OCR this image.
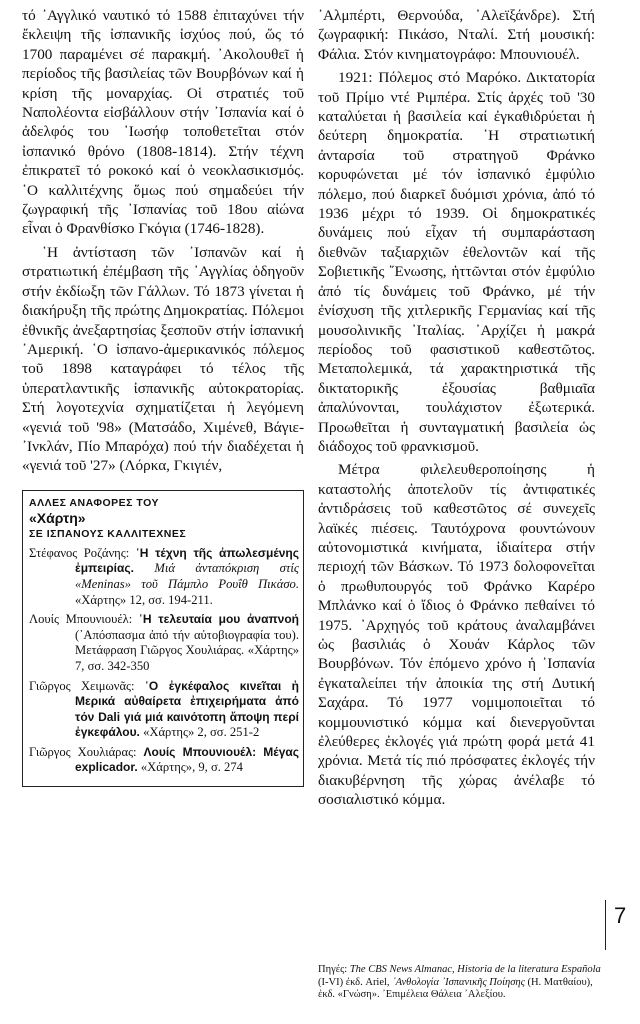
τό ᾽Αγγλικό ναυτικό τό 1588 ἐπιταχύνει τήν ἔκλειψη τῆς ἰσπανικῆς ἰσχύος πού, ὥς τό 1700 παραμένει σέ παρακμή. ᾽Ακολουθεῖ ἡ περίοδος τῆς βασιλείας τῶν Βουρβόνων καί ἡ κρίση τῆς μοναρχίας. Οἱ στρατιές τοῦ Ναπολέοντα εἰσβάλλουν στήν ᾽Ισπανία καί ὁ ἀδελφός του ᾽Ιωσήφ τοποθετεῖται στόν ἰσπανικό θρόνο (1808-1814). Στήν τέχνη ἐπικρατεῖ τό ροκοκό καί ὁ νεοκλασικισμός. ῾Ο καλλιτέχνης ὅμως πού σημαδεύει τήν ζωγραφική τῆς ᾽Ισπανίας τοῦ 18ου αἰώνα εἶναι ὁ Φρανθίσκο Γκόγια (1746-1828).

῾Η ἀντίσταση τῶν ᾽Ισπανῶν καί ἡ στρατιωτική ἐπέμβαση τῆς ᾽Αγγλίας ὁδηγοῦν στήν ἐκδίωξη τῶν Γάλλων. Τό 1873 γίνεται ἡ διακήρυξη τῆς πρώτης Δημοκρατίας. Πόλεμοι ἐθνικῆς ἀνεξαρτησίας ξεσποῦν στήν ἰσπανική ᾽Αμερική. ῾Ο ἰσπανο-ἀμερικανικός πόλεμος τοῦ 1898 καταγράφει τό τέλος τῆς ὑπερατλαντικῆς ἰσπανικῆς αὐτοκρατορίας. Στή λογοτεχνία σχηματίζεται ἡ λεγόμενη «γενιά τοῦ '98» (Ματσάδο, Χιμένεθ, Βάγιε-᾽Ινκλάν, Πίο Μπαρόχα) πού τήν διαδέχεται ἡ «γενιά τοῦ '27» (Λόρκα, Γκιγιέν,

ΑΛΛΕΣ ΑΝΑΦΟΡΕΣ ΤΟΥ

«Χάρτη»

ΣΕ ΙΣΠΑΝΟΥΣ ΚΑΛΛΙΤΕΧΝΕΣ

Στέφανος Ροζάνης: ῾Η τέχνη τῆς ἀπωλεσμένης ἐμπειρίας. Μιά ἀνταπόκριση στίς «Meninas» τοῦ Πάμπλο Ρουΐθ Πικάσο. «Χάρτης» 12, σσ. 194-211.
Λουίς Μπουνιουέλ: ῾Η τελευταία μου ἀναπνοή (᾽Απόσπασμα ἀπό τήν αὐτοβιογραφία του). Μετάφραση Γιῶργος Χουλιάρας. «Χάρτης» 7, σσ. 342-350
Γιῶργος Χειμωνᾶς: ῾Ο ἐγκέφαλος κινεῖται ἡ Μερικά αὐθαίρετα ἐπιχειρήματα ἀπό τόν Dali γιά μιά καινότοπη ἄποψη περί ἐγκεφάλου. «Χάρτης» 2, σσ. 251-2
Γιῶργος Χουλιάρας: Λουίς Μπουνιουέλ: Μέγας explicador. «Χάρτης», 9, σ. 274

᾽Αλμπέρτι, Θερνούδα, ᾽Αλεϊξάνδρε). Στή ζωγραφική: Πικάσο, Νταλί. Στή μουσική: Φάλια. Στόν κινηματογράφο: Μπουνιουέλ.

1921: Πόλεμος στό Μαρόκο. Δικτατορία τοῦ Πρίμο ντέ Ριμπέρα. Στίς ἀρχές τοῦ '30 καταλύεται ἡ βασιλεία καί ἐγκαθιδρύεται ἡ δεύτερη δημοκρατία. ῾Η στρατιωτική ἀνταρσία τοῦ στρατηγοῦ Φράνκο κορυφώνεται μέ τόν ἰσπανικό ἐμφύλιο πόλεμο, πού διαρκεῖ δυόμισι χρόνια, ἀπό τό 1936 μέχρι τό 1939. Οἱ δημοκρατικές δυνάμεις πού εἶχαν τή συμπαράσταση διεθνῶν ταξιαρχιῶν ἐθελοντῶν καί τῆς Σοβιετικῆς ῞Ενωσης, ἡττῶνται στόν ἐμφύλιο ἀπό τίς δυνάμεις τοῦ Φράνκο, μέ τήν ἐνίσχυση τῆς χιτλερικῆς Γερμανίας καί τῆς μουσολινικῆς ᾽Ιταλίας. ᾽Αρχίζει ἡ μακρά περίοδος τοῦ φασιστικοῦ καθεστῶτος. Μεταπολεμικά, τά χαρακτηριστικά τῆς δικτατορικῆς ἐξουσίας βαθμιαῖα ἀπαλύνονται, τουλάχιστον ἐξωτερικά. Προωθεῖται ἡ συνταγματική βασιλεία ὡς διάδοχος τοῦ φρανκισμοῦ.

Μέτρα φιλελευθεροποίησης ἡ καταστολής ἀποτελοῦν τίς ἀντιφατικές ἀντιδράσεις τοῦ καθεστῶτος σέ συνεχεῖς λαϊκές πιέσεις. Ταυτόχρονα φουντώνουν αὐτονομιστικά κινήματα, ἰδιαίτερα στήν περιοχή τῶν Βάσκων. Τό 1973 δολοφονεῖται ὁ πρωθυπουργός τοῦ Φράνκο Καρέρο Μπλάνκο καί ὁ ἴδιος ὁ Φράνκο πεθαίνει τό 1975. ᾽Αρχηγός τοῦ κράτους ἀναλαμβάνει ὡς βασιλιάς ὁ Χουάν Κάρλος τῶν Βουρβόνων. Τόν ἑπόμενο χρόνο ἡ ᾽Ισπανία ἐγκαταλείπει τήν ἀποικία της στή Δυτική Σαχάρα. Τό 1977 νομιμοποιεῖται τό κομμουνιστικό κόμμα καί διενεργοῦνται ἐλεύθερες ἐκλογές γιά πρώτη φορά μετά 41 χρόνια. Μετά τίς πιό πρόσφατες ἐκλογές τήν διακυβέρνηση τῆς χώρας ἀνέλαβε τό σοσιαλιστικό κόμμα.

7

Πηγές: The CBS News Almanac, Historia de la literatura Española (I-VI) ἐκδ. Ariel, ᾽Ανθολογία ᾽Ισπανικῆς Ποίησης (Η. Ματθαίου), ἐκδ. «Γνώση». ᾽Επιμέλεια Θάλεια ᾽Αλεξίου.
